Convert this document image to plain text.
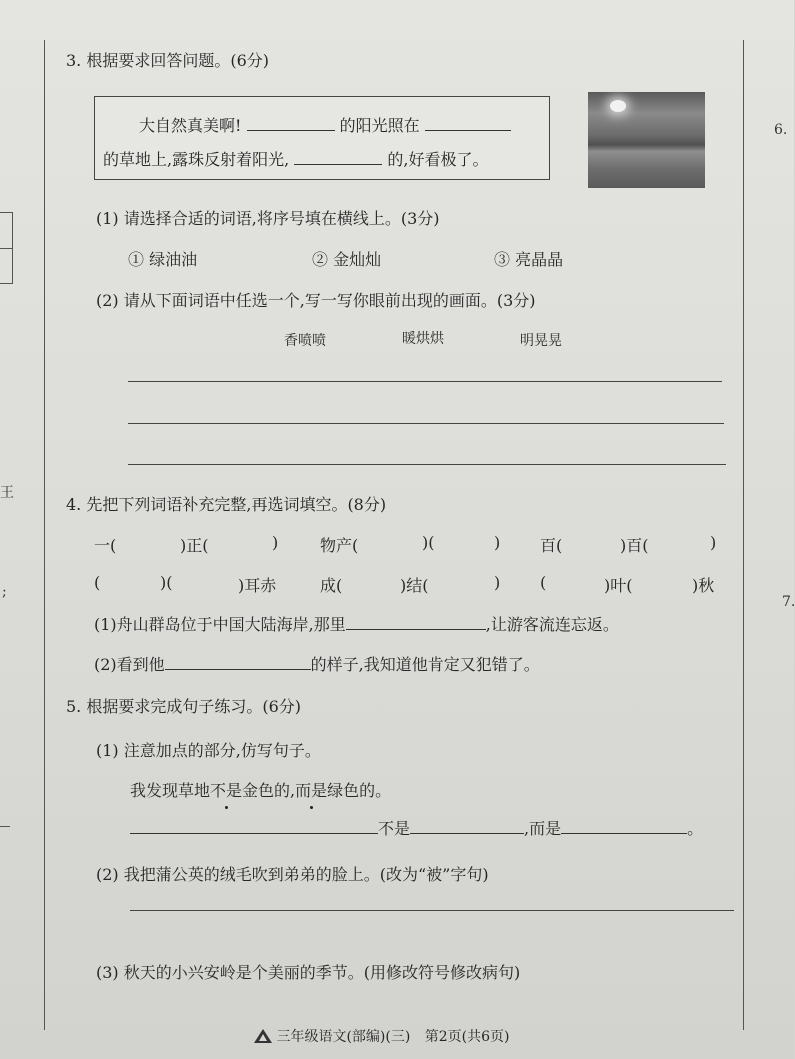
6.
王
;
7.
3. 根据要求回答问题。(6分)
大自然真美啊!	的阳光照在
的草地上,露珠反射着阳光,	的,好看极了。
(1) 请选择合适的词语,将序号填在横线上。(3分)
① 绿油油	② 金灿灿	③ 亮晶晶
(2) 请从下面词语中任选一个,写一写你眼前出现的画面。(3分)
香喷喷	暖烘烘	明晃晃
4. 先把下列词语补充完整,再选词填空。(8分)
一(	)正(	)	物产(	)(	) 百(	)百(	)
(	)(	)耳赤	成(	)结(	) (	)叶(	)秋
(1)舟山群岛位于中国大陆海岸,那里	,让游客流连忘返。
(2)看到他	的样子,我知道他肯定又犯错了。
5. 根据要求完成句子练习。(6分)
(1) 注意加点的部分,仿写句子。
我发现草地不是金色的,而是绿色的。
不是	,而是	。
(2) 我把蒲公英的绒毛吹到弟弟的脸上。(改为“被”字句)
(3) 秋天的小兴安岭是个美丽的季节。(用修改符号修改病句)
三年级语文(部编)(三) 第2页(共6页)
